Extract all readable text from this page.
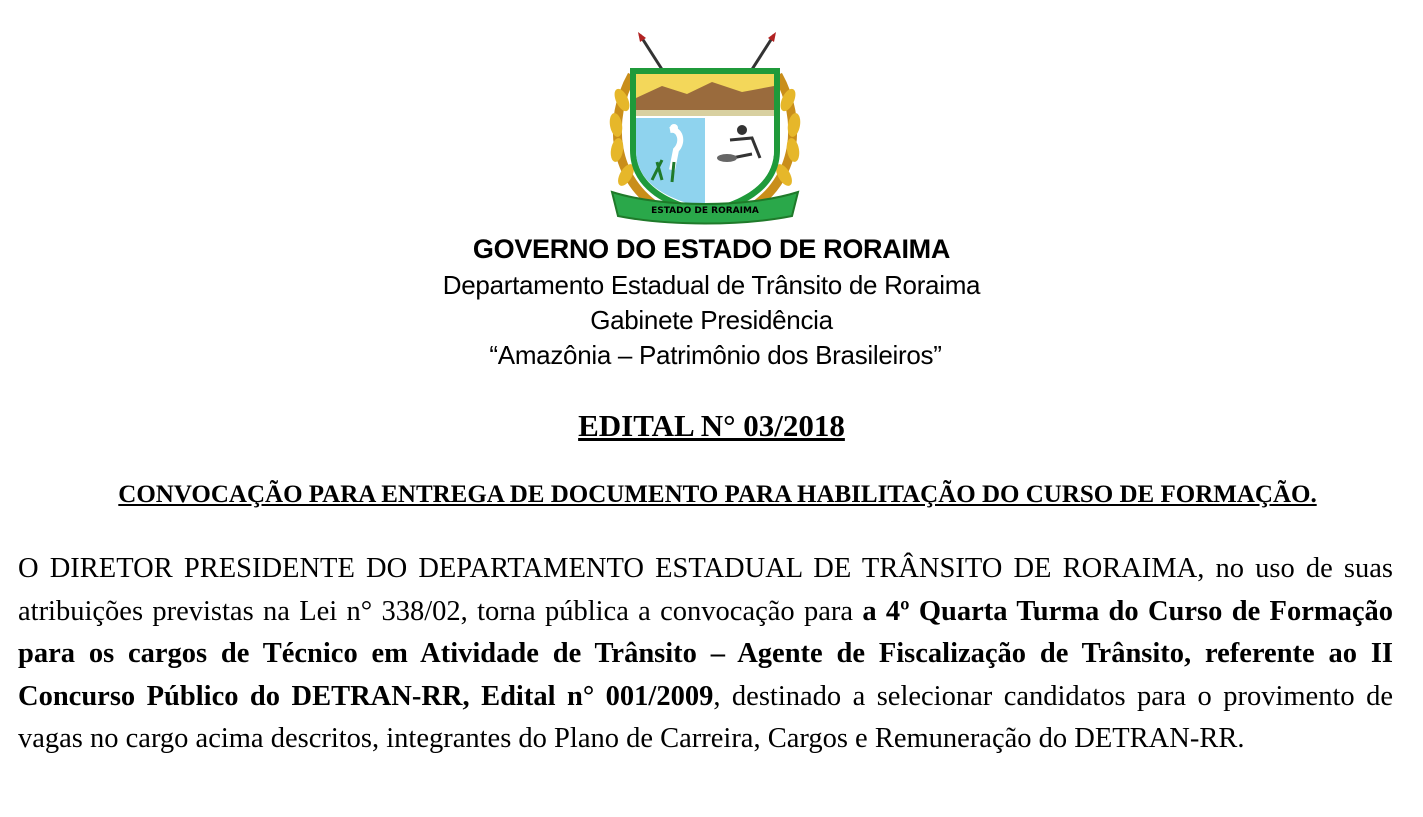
ESTADO DE RORAIMA
GOVERNO DO ESTADO DE RORAIMA
Departamento Estadual de Trânsito de Roraima
Gabinete Presidência
“Amazônia – Patrimônio dos Brasileiros”
EDITAL N° 03/2018
CONVOCAÇÃO PARA ENTREGA DE DOCUMENTO PARA HABILITAÇÃO DO CURSO DE FORMAÇÃO.

O DIRETOR PRESIDENTE DO DEPARTAMENTO ESTADUAL DE TRÂNSITO DE RORAIMA, no uso de suas atribuições previstas na Lei n° 338/02, torna pública a convocação para a 4º Quarta Turma do Curso de Formação para os cargos de Técnico em Atividade de Trânsito – Agente de Fiscalização de Trânsito, referente ao II Concurso Público do DETRAN-RR, Edital n° 001/2009, destinado a selecionar candidatos para o provimento de vagas no cargo acima descritos, integrantes do Plano de Carreira, Cargos e Remuneração do DETRAN-RR.
